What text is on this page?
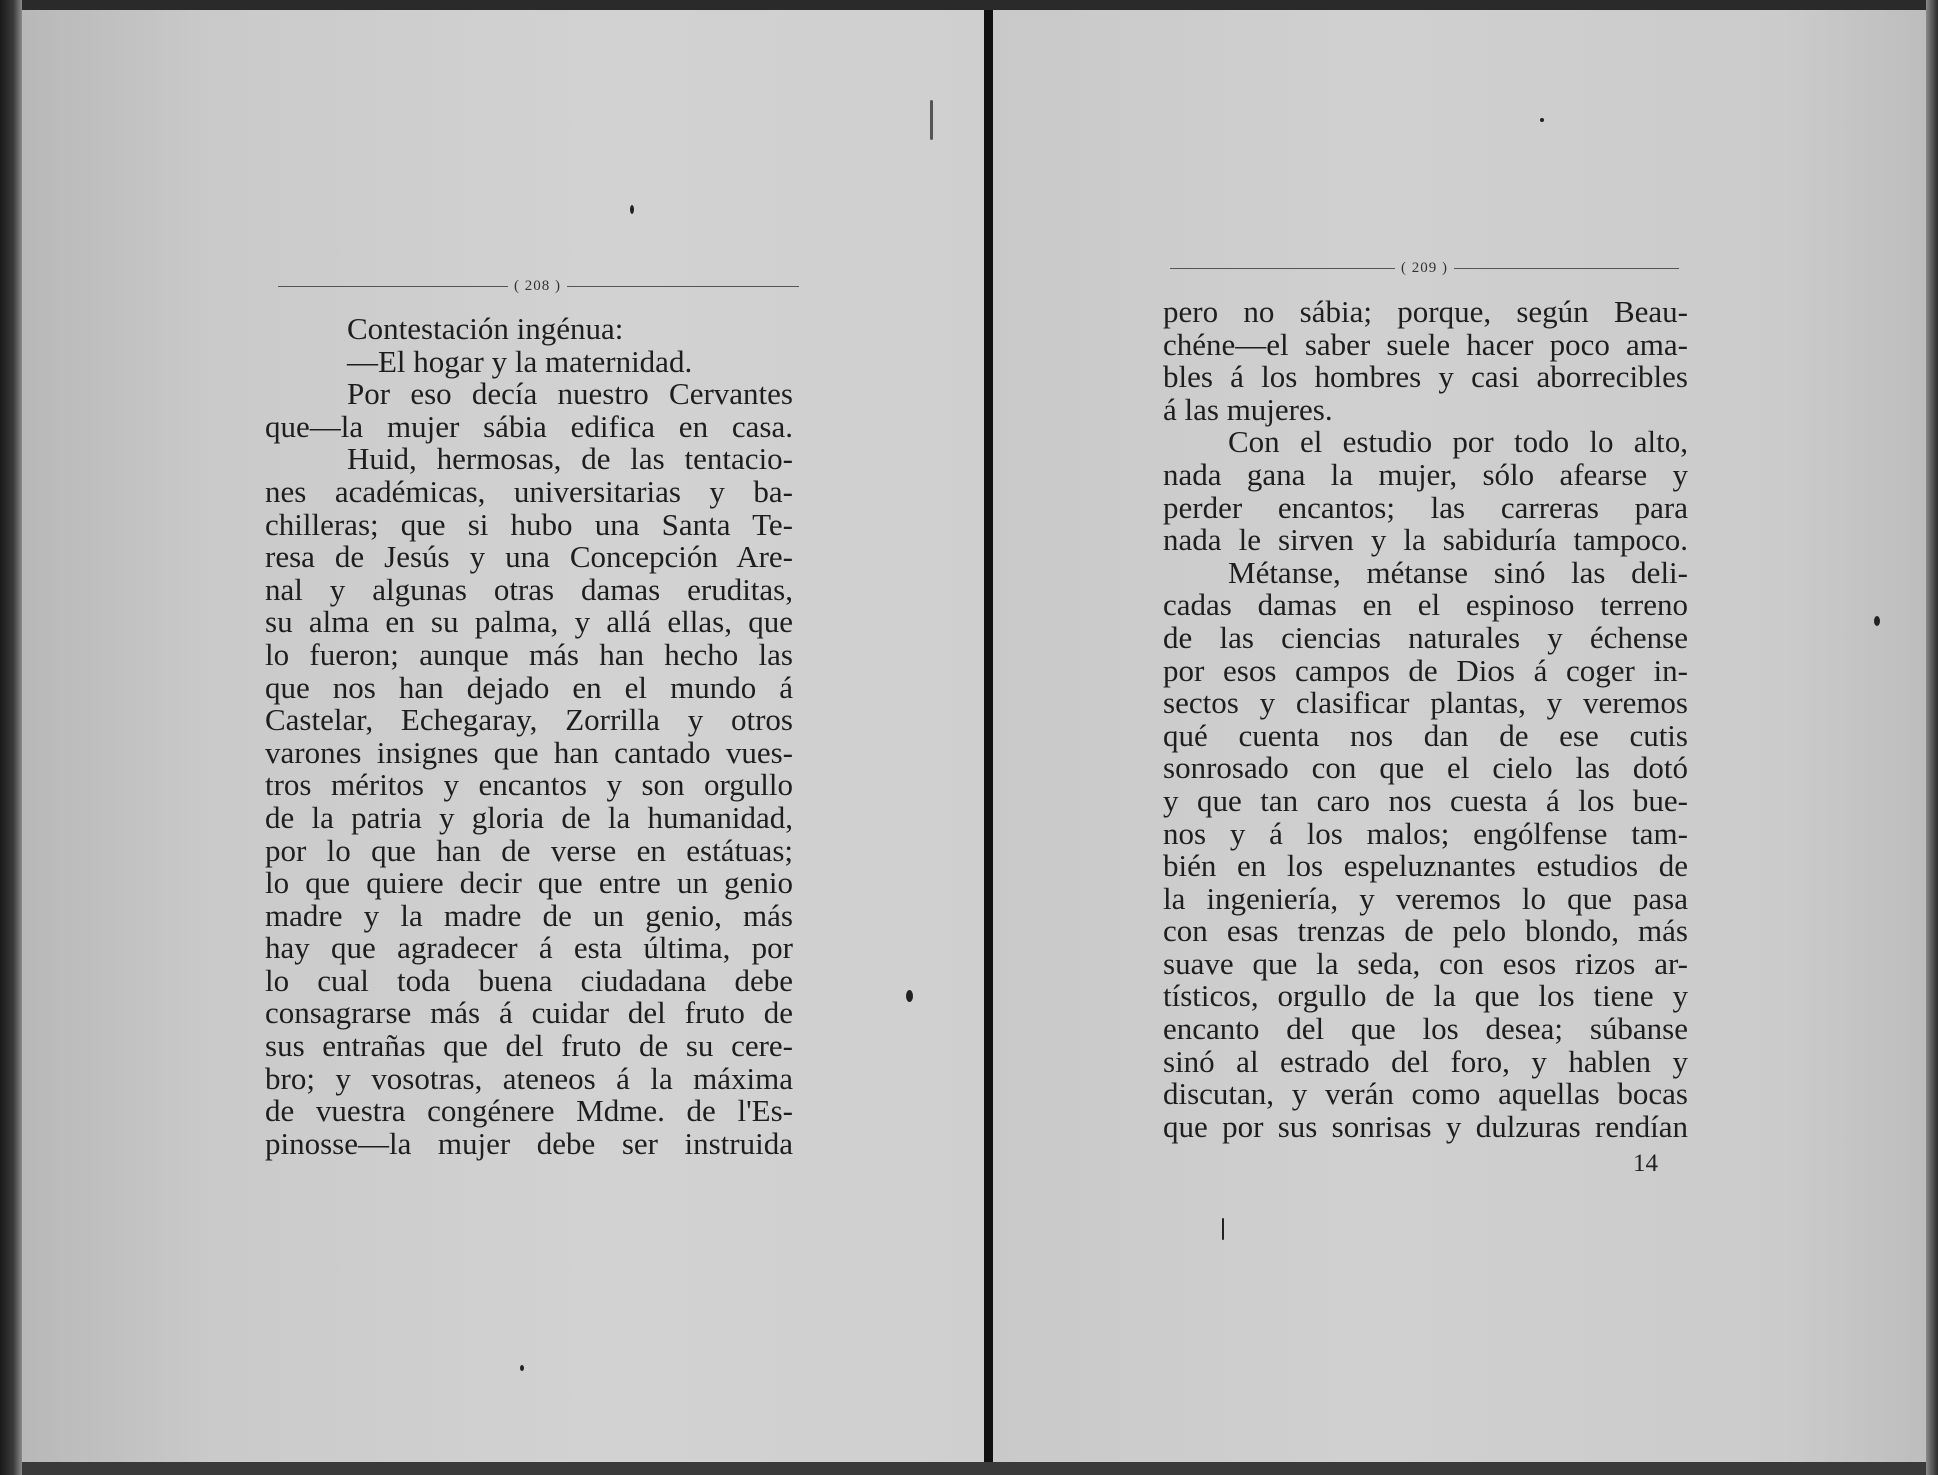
( 208 )
( 209 )
Contestación ingénua:
—El hogar y la maternidad.
Por eso decía nuestro Cervantes
que—la mujer sábia edifica en casa.
Huid, hermosas, de las tentacio-
nes académicas, universitarias y ba-
chilleras; que si hubo una Santa Te-
resa de Jesús y una Concepción Are-
nal y algunas otras damas eruditas,
su alma en su palma, y allá ellas, que
lo fueron; aunque más han hecho las
que nos han dejado en el mundo á
Castelar, Echegaray, Zorrilla y otros
varones insignes que han cantado vues-
tros méritos y encantos y son orgullo
de la patria y gloria de la humanidad,
por lo que han de verse en estátuas;
lo que quiere decir que entre un genio
madre y la madre de un genio, más
hay que agradecer á esta última, por
lo cual toda buena ciudadana debe
consagrarse más á cuidar del fruto de
sus entrañas que del fruto de su cere-
bro; y vosotras, ateneos á la máxima
de vuestra congénere Mdme. de l'Es-
pinosse—la mujer debe ser instruida
pero no sábia; porque, según Beau-
chéne—el saber suele hacer poco ama-
bles á los hombres y casi aborrecibles
á las mujeres.
Con el estudio por todo lo alto,
nada gana la mujer, sólo afearse y
perder encantos; las carreras para
nada le sirven y la sabiduría tampoco.
Métanse, métanse sinó las deli-
cadas damas en el espinoso terreno
de las ciencias naturales y échense
por esos campos de Dios á coger in-
sectos y clasificar plantas, y veremos
qué cuenta nos dan de ese cutis
sonrosado con que el cielo las dotó
y que tan caro nos cuesta á los bue-
nos y á los malos; engólfense tam-
bién en los espeluznantes estudios de
la ingeniería, y veremos lo que pasa
con esas trenzas de pelo blondo, más
suave que la seda, con esos rizos ar-
tísticos, orgullo de la que los tiene y
encanto del que los desea; súbanse
sinó al estrado del foro, y hablen y
discutan, y verán como aquellas bocas
que por sus sonrisas y dulzuras rendían
14
